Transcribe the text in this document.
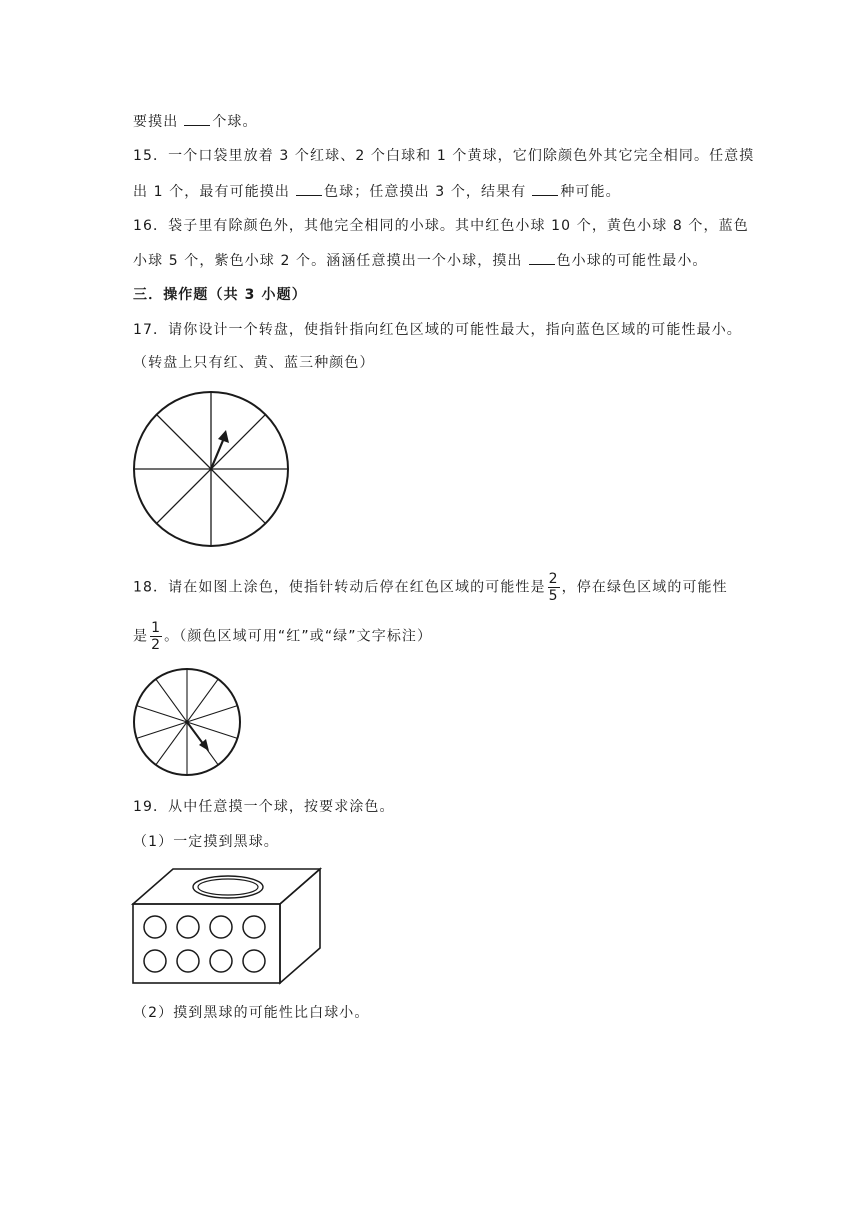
要摸出 个球。
15．一个口袋里放着 3 个红球、2 个白球和 1 个黄球，它们除颜色外其它完全相同。任意摸
出 1 个，最有可能摸出 色球；任意摸出 3 个，结果有 种可能。
16．袋子里有除颜色外，其他完全相同的小球。其中红色小球 10 个，黄色小球 8 个，蓝色
小球 5 个，紫色小球 2 个。涵涵任意摸出一个小球，摸出 色小球的可能性最小。
三．操作题（共 3 小题）
17．请你设计一个转盘，使指针指向红色区域的可能性最大，指向蓝色区域的可能性最小。
（转盘上只有红、黄、蓝三种颜色）
18．请在如图上涂色，使指针转动后停在红色区域的可能性是 $\frac{2}{5}$ ，停在绿色区域的可能性
是 $\frac{1}{2}$ 。（颜色区域可用“红”或“绿”文字标注）
19．从中任意摸一个球，按要求涂色。
（1）一定摸到黑球。
（2）摸到黑球的可能性比白球小。
